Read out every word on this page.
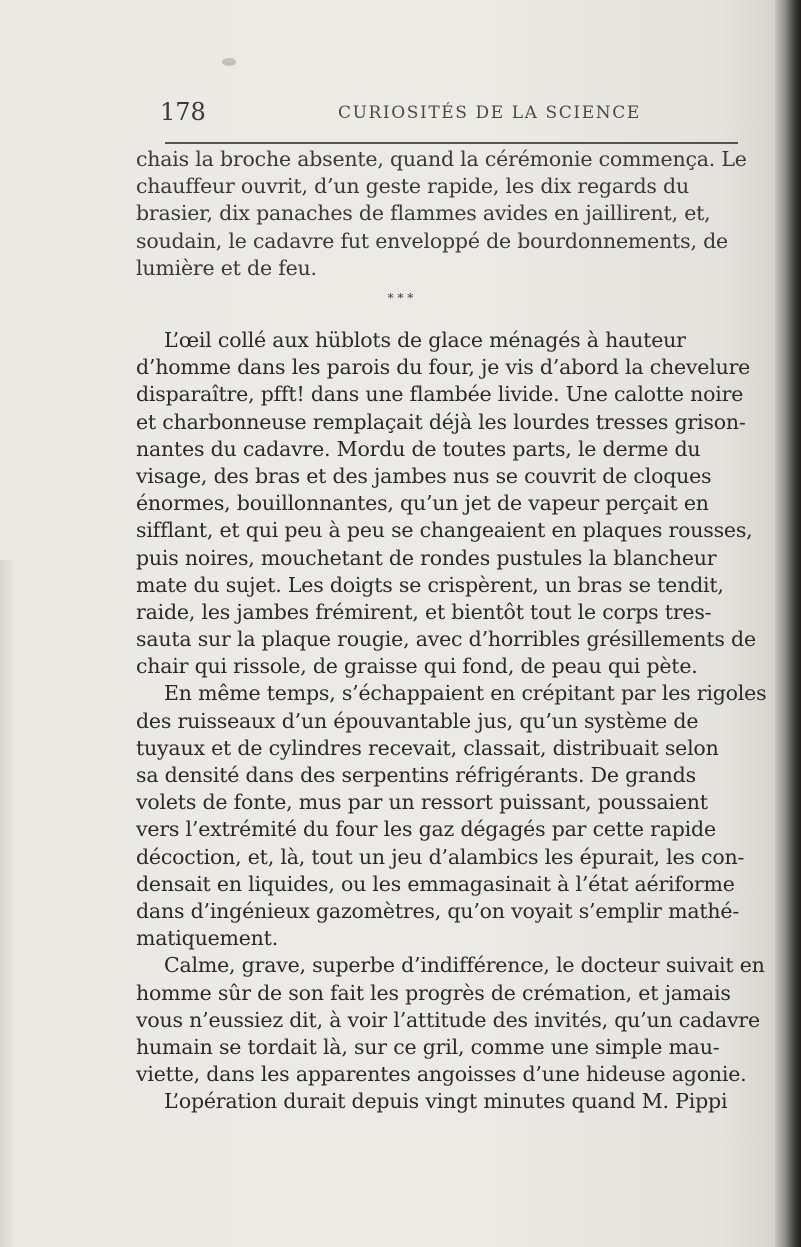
178	CURIOSITÉS DE LA SCIENCE
chais la broche absente, quand la cérémonie commença. Le
chauffeur ouvrit, d’un geste rapide, les dix regards du
brasier, dix panaches de flammes avides en jaillirent, et,
soudain, le cadavre fut enveloppé de bourdonnements, de
lumière et de feu.
* * *
L’œil collé aux hüblots de glace ménagés à hauteur
d’homme dans les parois du four, je vis d’abord la chevelure
disparaître, pfft! dans une flambée livide. Une calotte noire
et charbonneuse remplaçait déjà les lourdes tresses grison-
nantes du cadavre. Mordu de toutes parts, le derme du
visage, des bras et des jambes nus se couvrit de cloques
énormes, bouillonnantes, qu’un jet de vapeur perçait en
sifflant, et qui peu à peu se changeaient en plaques rousses,
puis noires, mouchetant de rondes pustules la blancheur
mate du sujet. Les doigts se crispèrent, un bras se tendit,
raide, les jambes frémirent, et bientôt tout le corps tres-
sauta sur la plaque rougie, avec d’horribles grésillements de
chair qui rissole, de graisse qui fond, de peau qui pète.
En même temps, s’échappaient en crépitant par les rigoles
des ruisseaux d’un épouvantable jus, qu’un système de
tuyaux et de cylindres recevait, classait, distribuait selon
sa densité dans des serpentins réfrigérants. De grands
volets de fonte, mus par un ressort puissant, poussaient
vers l’extrémité du four les gaz dégagés par cette rapide
décoction, et, là, tout un jeu d’alambics les épurait, les con-
densait en liquides, ou les emmagasinait à l’état aériforme
dans d’ingénieux gazomètres, qu’on voyait s’emplir mathé-
matiquement.
Calme, grave, superbe d’indifférence, le docteur suivait en
homme sûr de son fait les progrès de crémation, et jamais
vous n’eussiez dit, à voir l’attitude des invités, qu’un cadavre
humain se tordait là, sur ce gril, comme une simple mau-
viette, dans les apparentes angoisses d’une hideuse agonie.
L’opération durait depuis vingt minutes quand M. Pippi
